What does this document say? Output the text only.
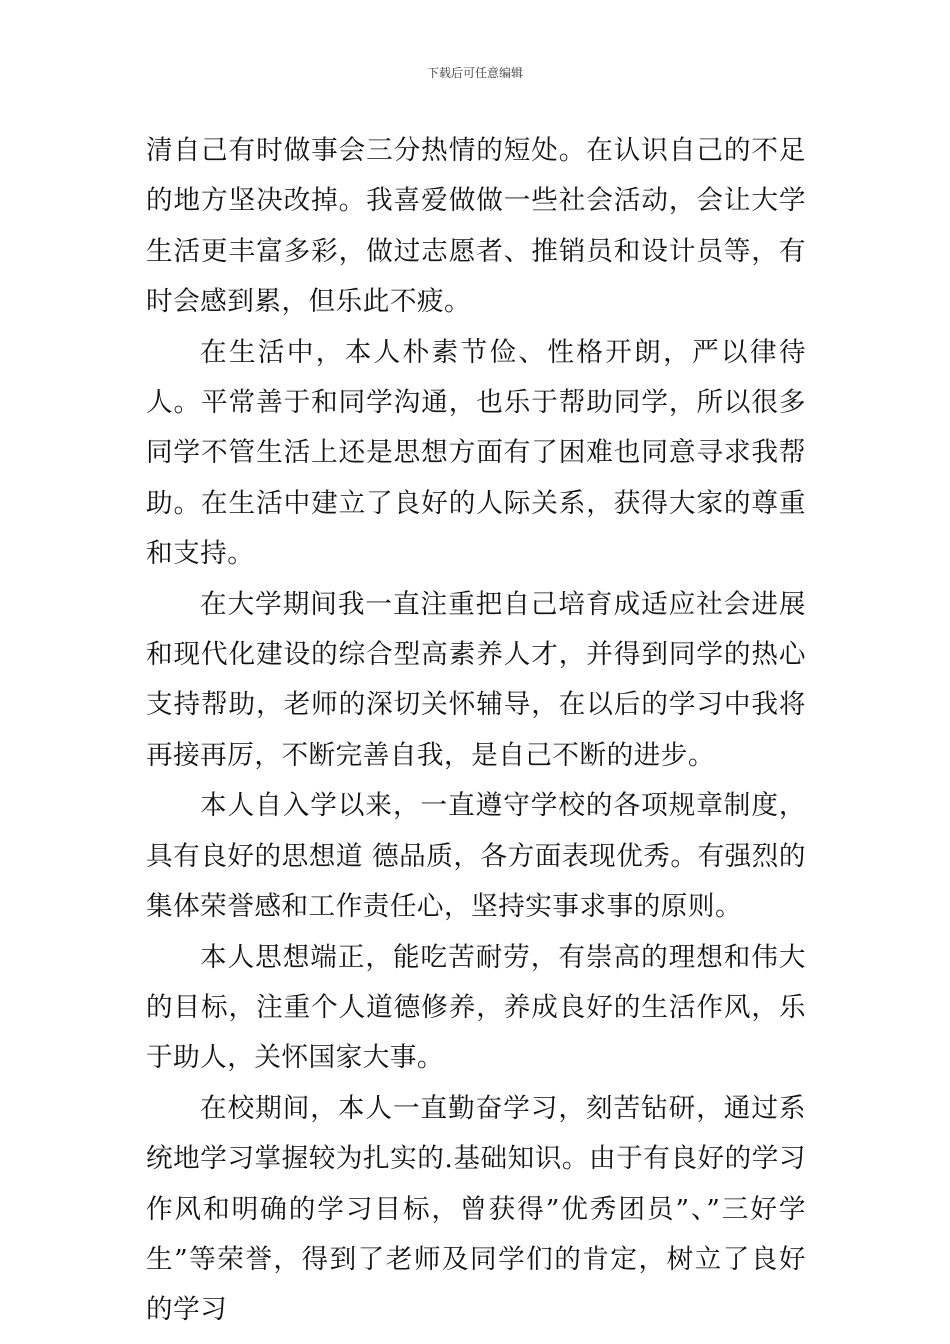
下载后可任意编辑

清自己有时做事会三分热情的短处。在认识自己的不足的地方坚决改掉。我喜爱做做一些社会活动，会让大学生活更丰富多彩，做过志愿者、推销员和设计员等，有时会感到累，但乐此不疲。

在生活中，本人朴素节俭、性格开朗，严以律待人。平常善于和同学沟通，也乐于帮助同学，所以很多同学不管生活上还是思想方面有了困难也同意寻求我帮助。在生活中建立了良好的人际关系，获得大家的尊重和支持。

在大学期间我一直注重把自己培育成适应社会进展和现代化建设的综合型高素养人才，并得到同学的热心支持帮助，老师的深切关怀辅导，在以后的学习中我将再接再厉，不断完善自我，是自己不断的进步。

本人自入学以来，一直遵守学校的各项规章制度，具有良好的思想道 德品质，各方面表现优秀。有强烈的集体荣誉感和工作责任心，坚持实事求事的原则。

本人思想端正，能吃苦耐劳，有崇高的理想和伟大的目标，注重个人道德修养，养成良好的生活作风，乐于助人，关怀国家大事。

在校期间，本人一直勤奋学习，刻苦钻研，通过系统地学习掌握较为扎实的.基础知识。由于有良好的学习作风和明确的学习目标，曾获得”优秀团员”、”三好学生”等荣誉，得到了老师及同学们的肯定，树立了良好的学习
